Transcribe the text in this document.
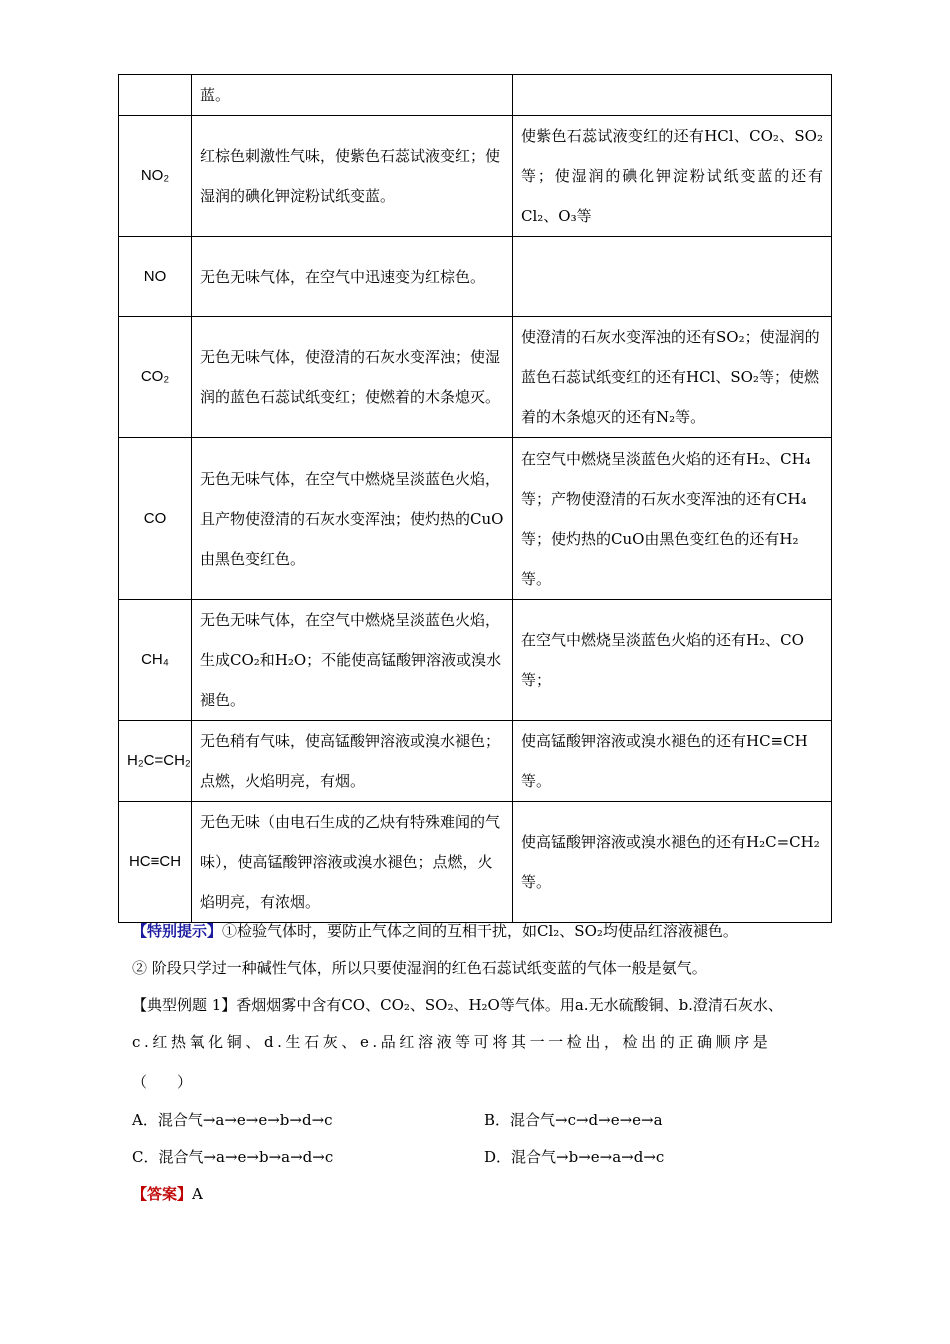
	蓝。	
NO₂	红棕色刺激性气味，使紫色石蕊试液变红；使湿润的碘化钾淀粉试纸变蓝。	使紫色石蕊试液变红的还有HCl、CO₂、SO₂等；使湿润的碘化钾淀粉试纸变蓝的还有Cl₂、O₃等
NO	无色无味气体，在空气中迅速变为红棕色。	
CO₂	无色无味气体，使澄清的石灰水变浑浊；使湿润的蓝色石蕊试纸变红；使燃着的木条熄灭。	使澄清的石灰水变浑浊的还有SO₂；使湿润的蓝色石蕊试纸变红的还有HCl、SO₂等；使燃着的木条熄灭的还有N₂等。
CO	无色无味气体，在空气中燃烧呈淡蓝色火焰，且产物使澄清的石灰水变浑浊；使灼热的CuO由黑色变红色。	在空气中燃烧呈淡蓝色火焰的还有H₂、CH₄等；产物使澄清的石灰水变浑浊的还有CH₄等；使灼热的CuO由黑色变红色的还有H₂等。
CH₄	无色无味气体，在空气中燃烧呈淡蓝色火焰，生成CO₂和H₂O；不能使高锰酸钾溶液或溴水褪色。	在空气中燃烧呈淡蓝色火焰的还有H₂、CO等；
H₂C=CH₂	无色稍有气味，使高锰酸钾溶液或溴水褪色；点燃，火焰明亮，有烟。	使高锰酸钾溶液或溴水褪色的还有HC≡CH等。
HC≡CH	无色无味（由电石生成的乙炔有特殊难闻的气味），使高锰酸钾溶液或溴水褪色；点燃，火焰明亮，有浓烟。	使高锰酸钾溶液或溴水褪色的还有H₂C=CH₂等。
【特别提示】①检验气体时，要防止气体之间的互相干扰，如Cl₂、SO₂均使品红溶液褪色。
② 阶段只学过一种碱性气体，所以只要使湿润的红色石蕊试纸变蓝的气体一般是氨气。
【典型例题 1】香烟烟雾中含有CO、CO₂、SO₂、H₂O等气体。用a.无水硫酸铜、b.澄清石灰水、
c.红热氧化铜、d.生石灰、e.品红溶液等可将其一一检出，检出的正确顺序是
（　　）
A．混合气→a→e→e→b→d→c	B．混合气→c→d→e→e→a
C．混合气→a→e→b→a→d→c	D．混合气→b→e→a→d→c
【答案】A
